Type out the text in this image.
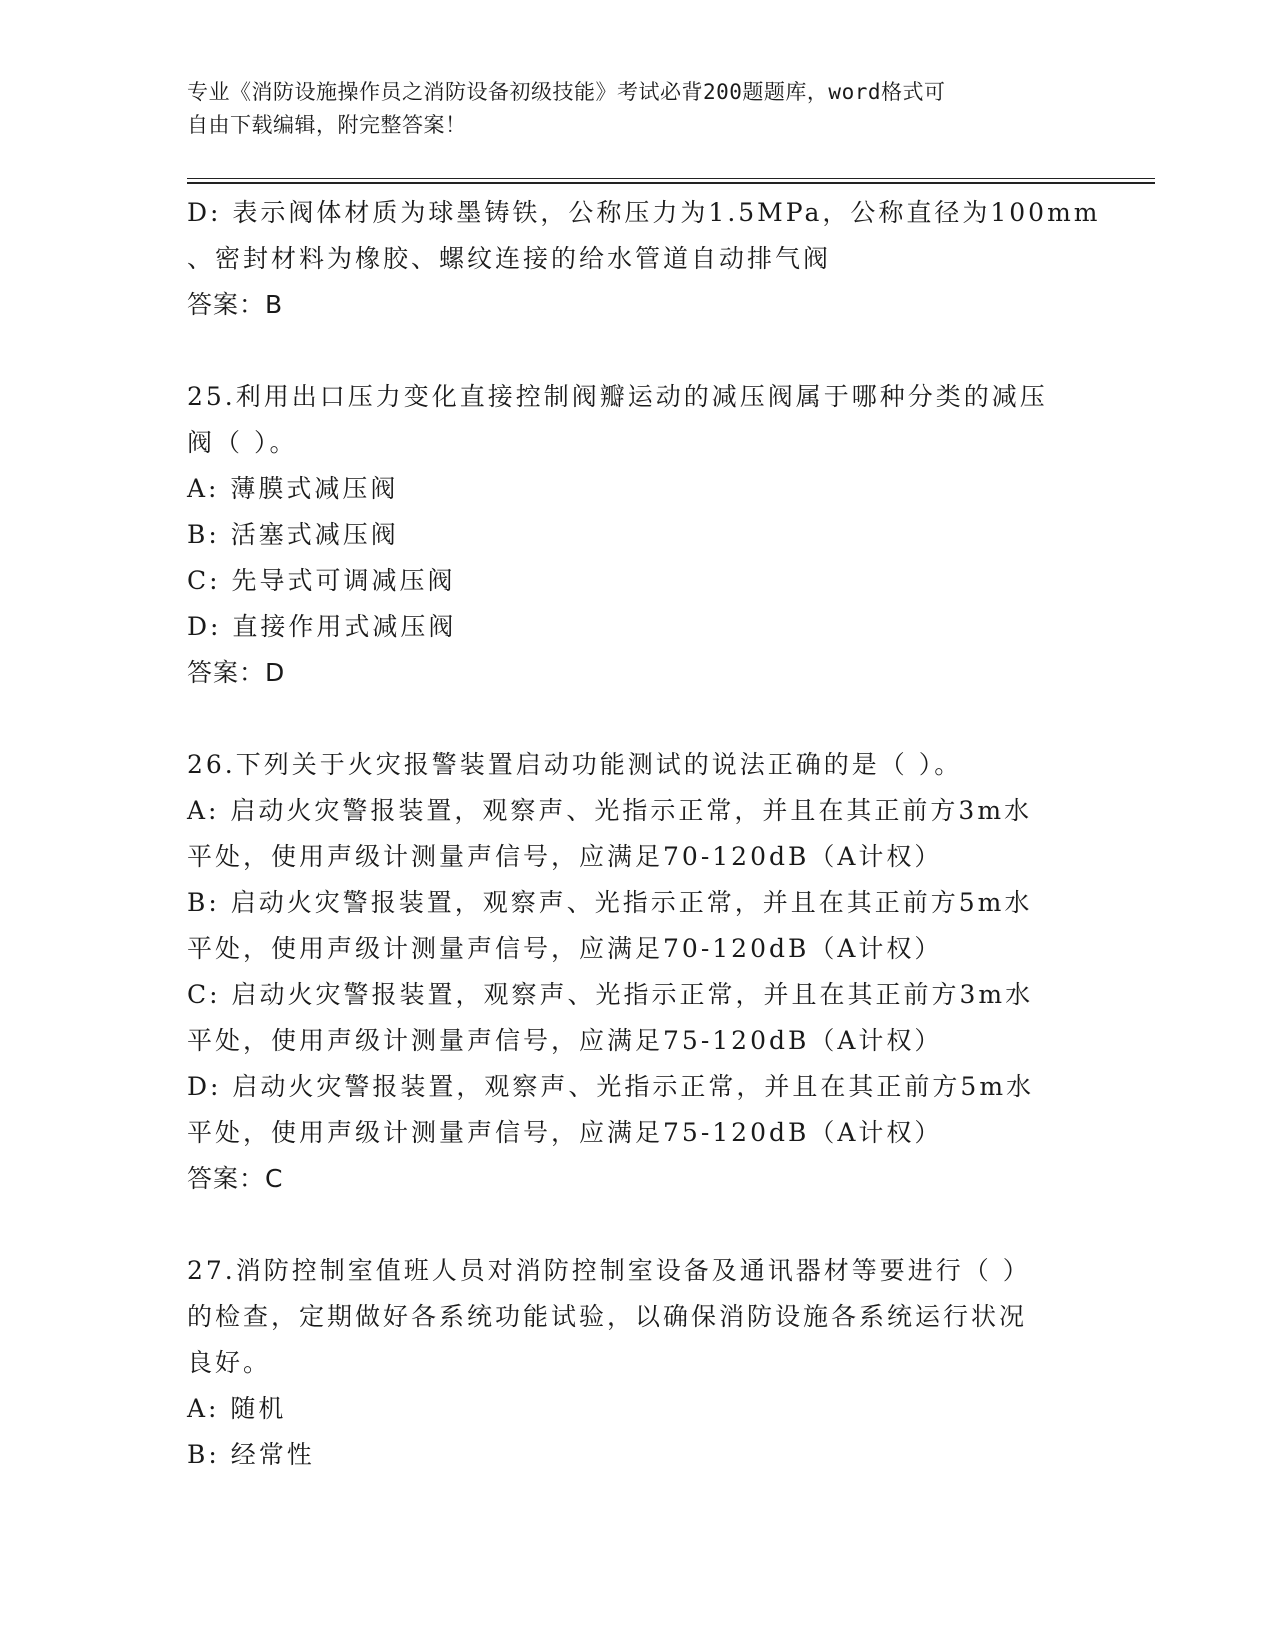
专业《消防设施操作员之消防设备初级技能》考试必背200题题库，word格式可
自由下载编辑，附完整答案！
D: 表示阀体材质为球墨铸铁，公称压力为1.5MPa，公称直径为100mm
、密封材料为橡胶、螺纹连接的给水管道自动排气阀
答案：B
25.利用出口压力变化直接控制阀瓣运动的减压阀属于哪种分类的减压
阀（ ）。
A: 薄膜式减压阀
B: 活塞式减压阀
C: 先导式可调减压阀
D: 直接作用式减压阀
答案：D
26.下列关于火灾报警装置启动功能测试的说法正确的是（ ）。
A: 启动火灾警报装置，观察声、光指示正常，并且在其正前方3m水
平处，使用声级计测量声信号，应满足70-120dB（A计权）
B: 启动火灾警报装置，观察声、光指示正常，并且在其正前方5m水
平处，使用声级计测量声信号，应满足70-120dB（A计权）
C: 启动火灾警报装置，观察声、光指示正常，并且在其正前方3m水
平处，使用声级计测量声信号，应满足75-120dB（A计权）
D: 启动火灾警报装置，观察声、光指示正常，并且在其正前方5m水
平处，使用声级计测量声信号，应满足75-120dB（A计权）
答案：C
27.消防控制室值班人员对消防控制室设备及通讯器材等要进行（ ）
的检查，定期做好各系统功能试验，以确保消防设施各系统运行状况
良好。
A: 随机
B: 经常性
